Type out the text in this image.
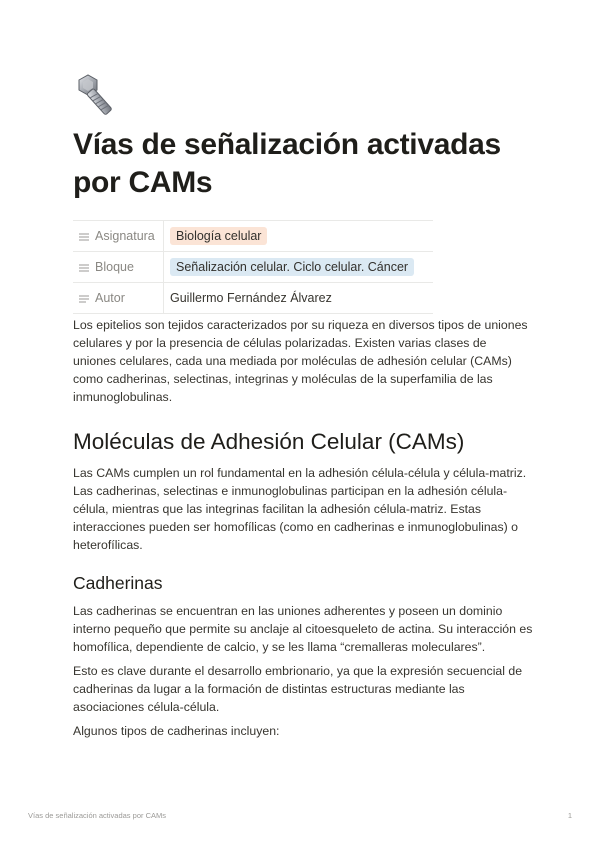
Vías de señalización activadas por CAMs
Asignatura	Biología celular
Bloque	Señalización celular. Ciclo celular. Cáncer
Autor	Guillermo Fernández Álvarez

Los epitelios son tejidos caracterizados por su riqueza en diversos tipos de uniones celulares y por la presencia de células polarizadas. Existen varias clases de uniones celulares, cada una mediada por moléculas de adhesión celular (CAMs) como cadherinas, selectinas, integrinas y moléculas de la superfamilia de las inmunoglobulinas.

Moléculas de Adhesión Celular (CAMs)

Las CAMs cumplen un rol fundamental en la adhesión célula-célula y célula-matriz. Las cadherinas, selectinas e inmunoglobulinas participan en la adhesión célula-célula, mientras que las integrinas facilitan la adhesión célula-matriz. Estas interacciones pueden ser homofílicas (como en cadherinas e inmunoglobulinas) o heterofílicas.

Cadherinas

Las cadherinas se encuentran en las uniones adherentes y poseen un dominio interno pequeño que permite su anclaje al citoesqueleto de actina. Su interacción es homofílica, dependiente de calcio, y se les llama “cremalleras moleculares”.

Esto es clave durante el desarrollo embrionario, ya que la expresión secuencial de cadherinas da lugar a la formación de distintas estructuras mediante las asociaciones célula-célula.

Algunos tipos de cadherinas incluyen:

Vías de señalización activadas por CAMs	1
